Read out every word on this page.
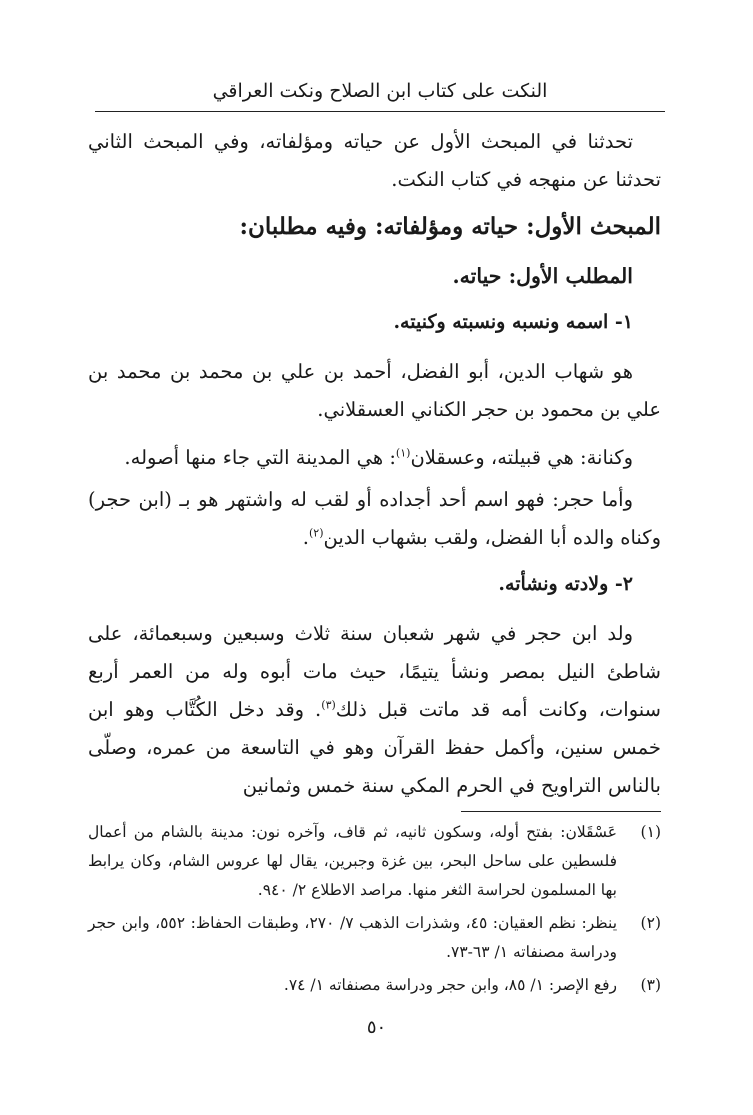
النكت على كتاب ابن الصلاح ونكت العراقي

تحدثنا في المبحث الأول عن حياته ومؤلفاته، وفي المبحث الثاني تحدثنا عن منهجه في كتاب النكت.

المبحث الأول: حياته ومؤلفاته: وفيه مطلبان:
المطلب الأول: حياته.
١- اسمه ونسبه ونسبته وكنيته.

هو شهاب الدين، أبو الفضل، أحمد بن علي بن محمد بن محمد بن علي بن محمود بن حجر الكناني العسقلاني.

وكنانة: هي قبيلته، وعسقلان$^{(١)}$: هي المدينة التي جاء منها أصوله.

وأما حجر: فهو اسم أحد أجداده أو لقب له واشتهر هو بـ (ابن حجر) وكناه والده أبا الفضل، ولقب بشهاب الدين$^{(٢)}$.

٢- ولادته ونشأته.

ولد ابن حجر في شهر شعبان سنة ثلاث وسبعين وسبعمائة، على شاطئ النيل بمصر ونشأ يتيمًا، حيث مات أبوه وله من العمر أربع سنوات، وكانت أمه قد ماتت قبل ذلك$^{(٣)}$. وقد دخل الكُتَّاب وهو ابن خمس سنين، وأكمل حفظ القرآن وهو في التاسعة من عمره، وصلّى بالناس التراويح في الحرم المكي سنة خمس وثمانين

(١)
عَسْقَلان: بفتح أوله، وسكون ثانيه، ثم قاف، وآخره نون: مدينة بالشام من أعمال فلسطين على ساحل البحر، بين غزة وجبرين، يقال لها عروس الشام، وكان يرابط بها المسلمون لحراسة الثغر منها. مراصد الاطلاع ٢/ ٩٤٠.
(٢)
ينظر: نظم العقيان: ٤٥، وشذرات الذهب ٧/ ٢٧٠، وطبقات الحفاظ: ٥٥٢، وابن حجر ودراسة مصنفاته ١/ ٦٣-٧٣.
(٣)
رفع الإصر: ١/ ٨٥، وابن حجر ودراسة مصنفاته ١/ ٧٤.
٥٠
